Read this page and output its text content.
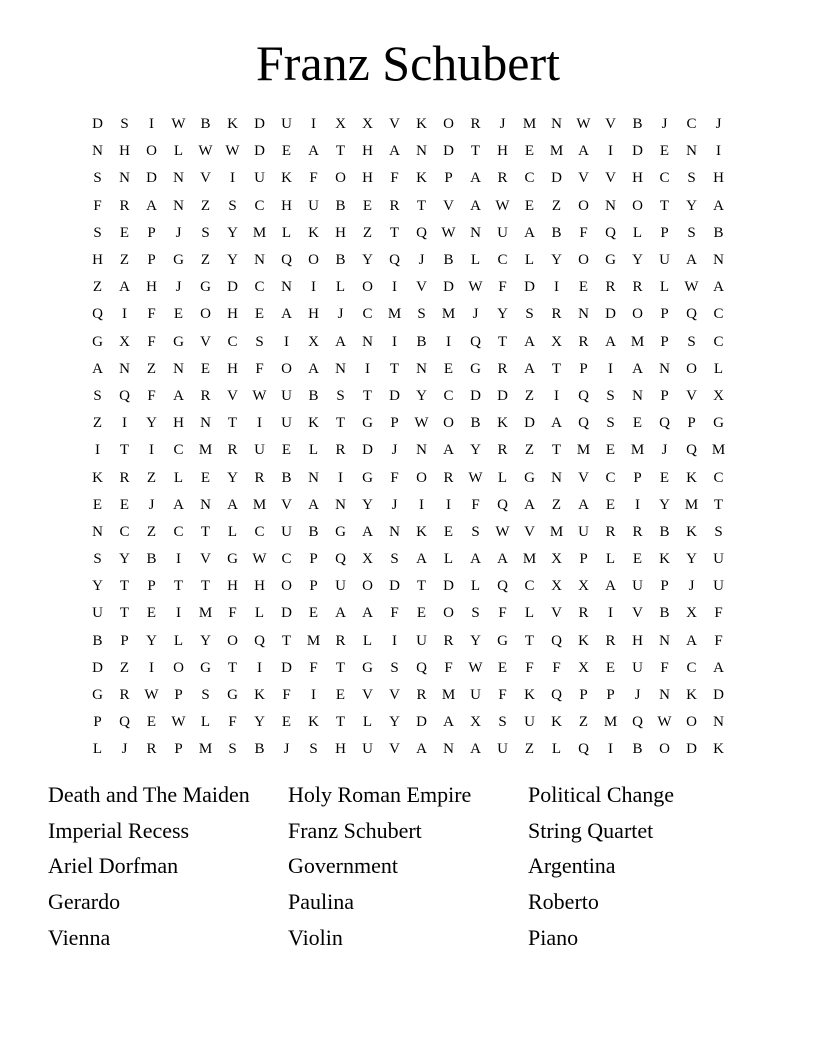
Franz Schubert
D	S	I	W B	K	D	U	I	X	X	V	K	O	R	J	M N W V	B	J	C	J
N	H	O	L	W W D	E	A	T	H	A	N	D	T	H	E	M A	I	D	E	N	I
S	N	D	N	V	I	U	K	F	O	H	F	K	P	A	R	C	D	V	V	H	C	S	H
F	R	A	N	Z	S	C	H	U	B	E	R	T	V	A W	E	Z	O	N	O	T	Y	A
S	E	P	J	S	Y M	L	K	H	Z	T	Q W N	U	A	B	F	Q	L	P	S	B
H	Z	P	G	Z	Y	N	Q	O	B	Y	Q	J	B	L	C	L	Y	O	G	Y	U	A	N
Z	A	H	J	G	D	C	N	I	L	O	I	V	D W	F	D	I	E	R	R	L	W A
Q	I	F	E	O	H	E	A	H	J	C	M	S	M	J	Y	S	R	N	D	O	P	Q	C
G	X	F	G	V	C	S	I	X	A	N	I	B	I	Q	T	A	X	R	A M	P	S	C
A	N	Z	N	E	H	F	O	A	N	I	T	N	E	G	R	A	T	P	I	A	N	O	L
S	Q	F	A	R	V W U	B	S	T	D	Y	C	D	D	Z	I	Q	S	N	P	V	X
Z	I	Y	H	N	T	I	U	K	T	G	P	W O	B	K	D	A	Q	S	E	Q	P	G
I	T	I	C	M	R	U	E	L	R	D	J	N	A	Y	R	Z	T	M	E	M	J	Q M
K	R	Z	L	E	Y	R	B	N	I	G	F	O	R W	L	G	N	V	C	P	E	K	C
E	E	J	A	N	A M V	A	N	Y	J	I	I	F	Q	A	Z	A	E	I	Y M	T
N	C	Z	C	T	L	C	U	B	G	A	N	K	E	S	W V M U	R	R	B	K	S
S	Y	B	I	V	G W C	P	Q	X	S	A	L	A	A M X	P	L	E	K	Y	U
Y	T	P	T	T	H	H	O	P	U	O	D	T	D	L	Q	C	X	X	A	U	P	J	U
U	T	E	I	M	F	L	D	E	A	A	F	E	O	S	F	L	V	R	I	V	B	X	F
B	P	Y	L	Y	O	Q	T	M	R	L	I	U	R	Y	G	T	Q	K	R	H	N	A	F
D	Z	I	O	G	T	I	D	F	T	G	S	Q	F	W	E	F	F	X	E	U	F	C	A
G	R W	P	S	G	K	F	I	E	V	V	R	M U	F	K	Q	P	P	J	N	K	D
P	Q	E	W	L	F	Y	E	K	T	L	Y	D	A	X	S	U	K	Z	M Q W O	N
L	J	R	P	M	S	B	J	S	H	U	V	A	N	A	U	Z	L	Q	I	B	O	D	K
Death and The Maiden	Holy Roman Empire	Political Change
Imperial Recess	Franz Schubert	String Quartet
Ariel Dorfman	Government	Argentina
Gerardo	Paulina	Roberto
Vienna	Violin	Piano
